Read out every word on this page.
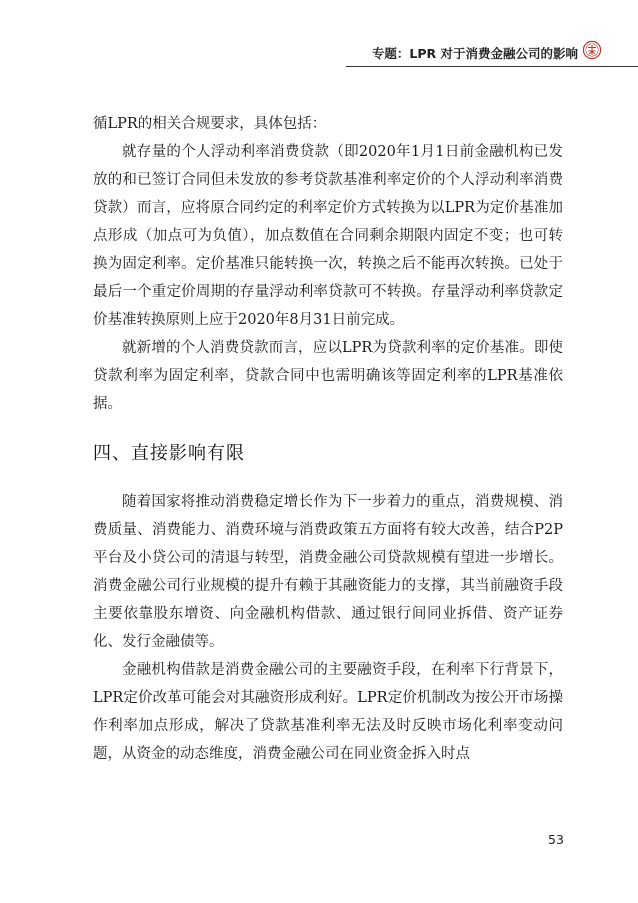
专题：LPR 对于消费金融公司的影响

循LPR的相关合规要求，具体包括：

就存量的个人浮动利率消费贷款（即2020年1月1日前金融机构已发放的和已签订合同但未发放的参考贷款基准利率定价的个人浮动利率消费贷款）而言，应将原合同约定的利率定价方式转换为以LPR为定价基准加点形成（加点可为负值），加点数值在合同剩余期限内固定不变；也可转换为固定利率。定价基准只能转换一次，转换之后不能再次转换。已处于最后一个重定价周期的存量浮动利率贷款可不转换。存量浮动利率贷款定价基准转换原则上应于2020年8月31日前完成。

就新增的个人消费贷款而言，应以LPR为贷款利率的定价基准。即使贷款利率为固定利率，贷款合同中也需明确该等固定利率的LPR基准依据。

四、直接影响有限

随着国家将推动消费稳定增长作为下一步着力的重点，消费规模、消费质量、消费能力、消费环境与消费政策五方面将有较大改善，结合P2P平台及小贷公司的清退与转型，消费金融公司贷款规模有望进一步增长。消费金融公司行业规模的提升有赖于其融资能力的支撑，其当前融资手段主要依靠股东增资、向金融机构借款、通过银行间同业拆借、资产证券化、发行金融债等。

金融机构借款是消费金融公司的主要融资手段，在利率下行背景下，LPR定价改革可能会对其融资形成利好。LPR定价机制改为按公开市场操作利率加点形成，解决了贷款基准利率无法及时反映市场化利率变动问题，从资金的动态维度，消费金融公司在同业资金拆入时点

53
